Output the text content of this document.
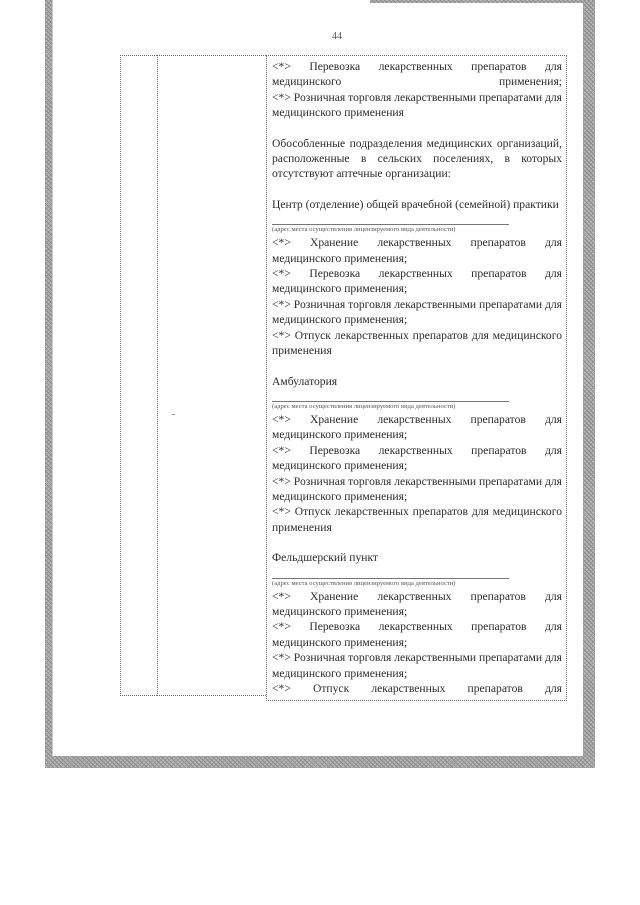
44

<*> Перевозка лекарственных препаратов для медицинского применения;

<*> Розничная торговля лекарственными препаратами для медицинского применения

Обособленные подразделения медицинских организаций, расположенные в сельских поселениях, в которых отсутствуют аптечные организации:

Центр (отделение) общей врачебной (семейной) практики

(адрес места осуществления лицензируемого вида деятельности)

<*> Хранение лекарственных препаратов для медицинского применения;

<*> Перевозка лекарственных препаратов для медицинского применения;

<*> Розничная торговля лекарственными препаратами для медицинского применения;

<*> Отпуск лекарственных препаратов для медицинского применения

Амбулатория

(адрес места осуществления лицензируемого вида деятельности)

<*> Хранение лекарственных препаратов для медицинского применения;

<*> Перевозка лекарственных препаратов для медицинского применения;

<*> Розничная торговля лекарственными препаратами для медицинского применения;

<*> Отпуск лекарственных препаратов для медицинского применения

Фельдшерский пункт

(адрес места осуществления лицензируемого вида деятельности)

<*> Хранение лекарственных препаратов для медицинского применения;

<*> Перевозка лекарственных препаратов для медицинского применения;

<*> Розничная торговля лекарственными препаратами для медицинского применения;

<*> Отпуск лекарственных препаратов для
